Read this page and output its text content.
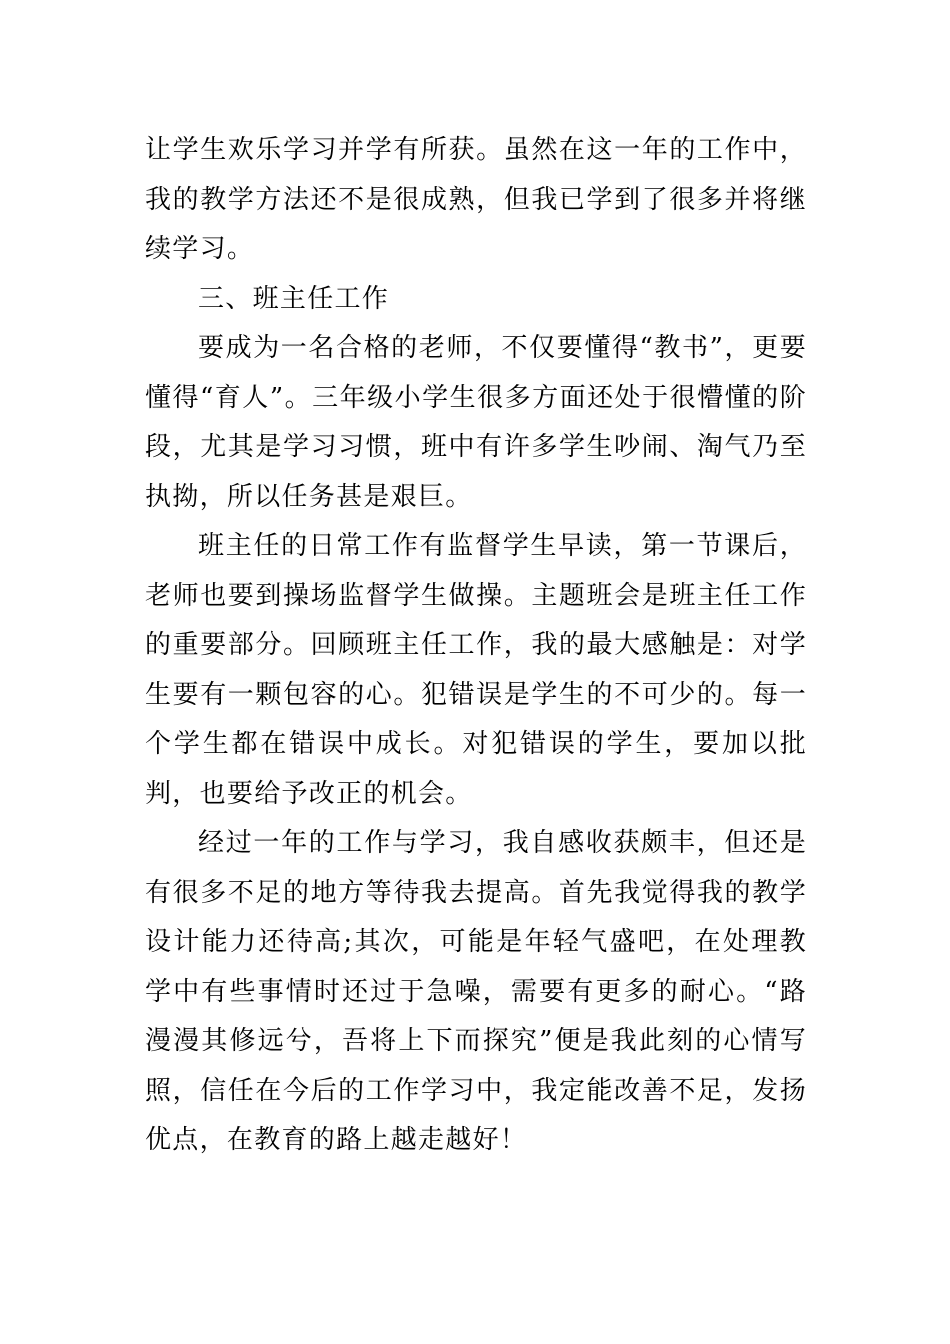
让学生欢乐学习并学有所获。虽然在这一年的工作中，我的教学方法还不是很成熟，但我已学到了很多并将继续学习。

三、班主任工作

要成为一名合格的老师，不仅要懂得“教书”，更要懂得“育人”。三年级小学生很多方面还处于很懵懂的阶段，尤其是学习习惯，班中有许多学生吵闹、淘气乃至执拗，所以任务甚是艰巨。

班主任的日常工作有监督学生早读，第一节课后，老师也要到操场监督学生做操。主题班会是班主任工作的重要部分。回顾班主任工作，我的最大感触是：对学生要有一颗包容的心。犯错误是学生的不可少的。每一个学生都在错误中成长。对犯错误的学生，要加以批判，也要给予改正的机会。

经过一年的工作与学习，我自感收获颇丰，但还是有很多不足的地方等待我去提高。首先我觉得我的教学设计能力还待高;其次，可能是年轻气盛吧，在处理教学中有些事情时还过于急噪，需要有更多的耐心。“路漫漫其修远兮，吾将上下而探究”便是我此刻的心情写照，信任在今后的工作学习中，我定能改善不足，发扬优点，在教育的路上越走越好！
